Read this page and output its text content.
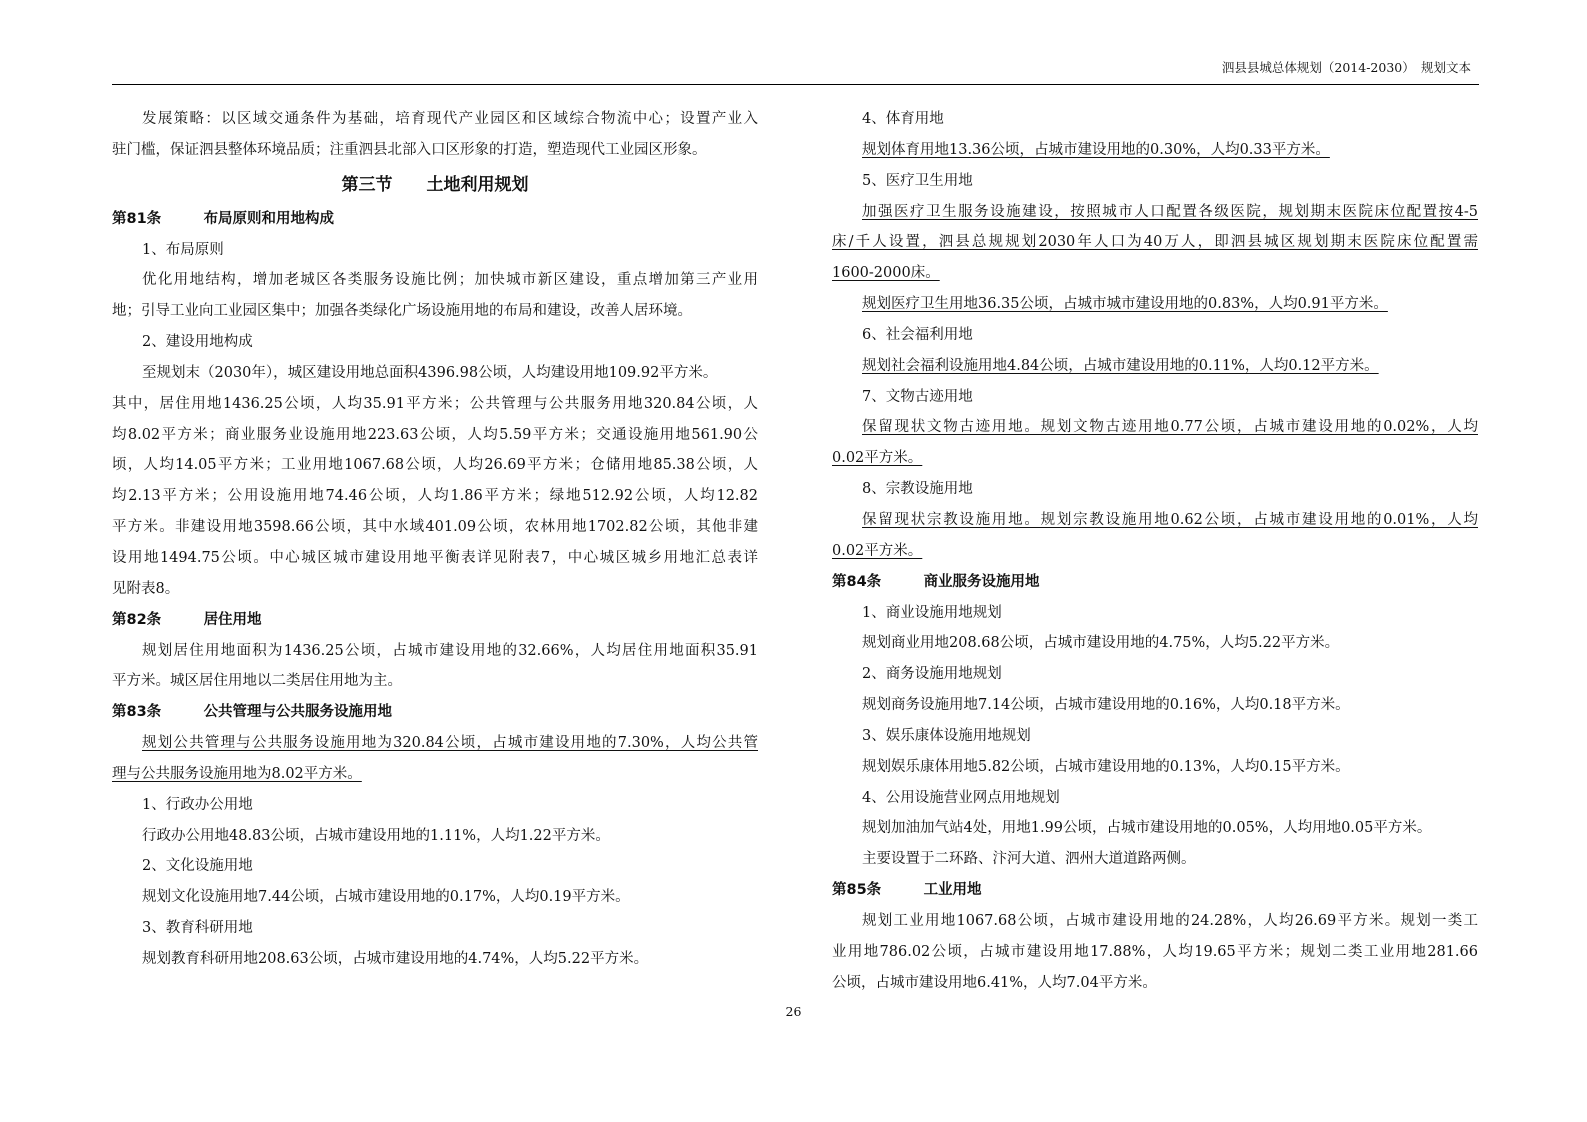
泗县县城总体规划（2014-2030）　规划文本
发展策略：以区域交通条件为基础，培育现代产业园区和区域综合物流中心；设置产业入
驻门槛，保证泗县整体环境品质；注重泗县北部入口区形象的打造，塑造现代工业园区形象。
第三节　　土地利用规划
第81条　	布局原则和用地构成
1、布局原则
优化用地结构，增加老城区各类服务设施比例；加快城市新区建设，重点增加第三产业用
地；引导工业向工业园区集中；加强各类绿化广场设施用地的布局和建设，改善人居环境。
2、建设用地构成
至规划末（2030年），城区建设用地总面积4396.98公顷，人均建设用地109.92平方米。
其中，居住用地1436.25公顷，人均35.91平方米；公共管理与公共服务用地320.84公顷，人
均8.02平方米；商业服务业设施用地223.63公顷，人均5.59平方米；交通设施用地561.90公
顷，人均14.05平方米；工业用地1067.68公顷，人均26.69平方米；仓储用地85.38公顷，人
均2.13平方米；公用设施用地74.46公顷，人均1.86平方米；绿地512.92公顷，人均12.82
平方米。非建设用地3598.66公顷，其中水域401.09公顷，农林用地1702.82公顷，其他非建
设用地1494.75公顷。中心城区城市建设用地平衡表详见附表7，中心城区城乡用地汇总表详
见附表8。
第82条　	居住用地
规划居住用地面积为1436.25公顷，占城市建设用地的32.66%，人均居住用地面积35.91
平方米。城区居住用地以二类居住用地为主。
第83条　	公共管理与公共服务设施用地
规划公共管理与公共服务设施用地为320.84公顷，占城市建设用地的7.30%，人均公共管
理与公共服务设施用地为8.02平方米。
1、行政办公用地
行政办公用地48.83公顷，占城市建设用地的1.11%，人均1.22平方米。
2、文化设施用地
规划文化设施用地7.44公顷，占城市建设用地的0.17%，人均0.19平方米。
3、教育科研用地
规划教育科研用地208.63公顷，占城市建设用地的4.74%，人均5.22平方米。
4、体育用地
规划体育用地13.36公顷，占城市建设用地的0.30%，人均0.33平方米。
5、医疗卫生用地
加强医疗卫生服务设施建设，按照城市人口配置各级医院，规划期末医院床位配置按4-5
床/千人设置，泗县总规规划2030年人口为40万人，即泗县城区规划期末医院床位配置需
1600-2000床。
规划医疗卫生用地36.35公顷，占城市城市建设用地的0.83%，人均0.91平方米。
6、社会福利用地
规划社会福利设施用地4.84公顷，占城市建设用地的0.11%，人均0.12平方米。
7、文物古迹用地
保留现状文物古迹用地。规划文物古迹用地0.77公顷，占城市建设用地的0.02%，人均
0.02平方米。
8、宗教设施用地
保留现状宗教设施用地。规划宗教设施用地0.62公顷，占城市建设用地的0.01%，人均
0.02平方米。
第84条　	商业服务设施用地
1、商业设施用地规划
规划商业用地208.68公顷，占城市建设用地的4.75%，人均5.22平方米。
2、商务设施用地规划
规划商务设施用地7.14公顷，占城市建设用地的0.16%，人均0.18平方米。
3、娱乐康体设施用地规划
规划娱乐康体用地5.82公顷，占城市建设用地的0.13%，人均0.15平方米。
4、公用设施营业网点用地规划
规划加油加气站4处，用地1.99公顷，占城市建设用地的0.05%，人均用地0.05平方米。
主要设置于二环路、汴河大道、泗州大道道路两侧。
第85条　	工业用地
规划工业用地1067.68公顷，占城市建设用地的24.28%，人均26.69平方米。规划一类工
业用地786.02公顷，占城市建设用地17.88%，人均19.65平方米；规划二类工业用地281.66
公顷，占城市建设用地6.41%，人均7.04平方米。
26
